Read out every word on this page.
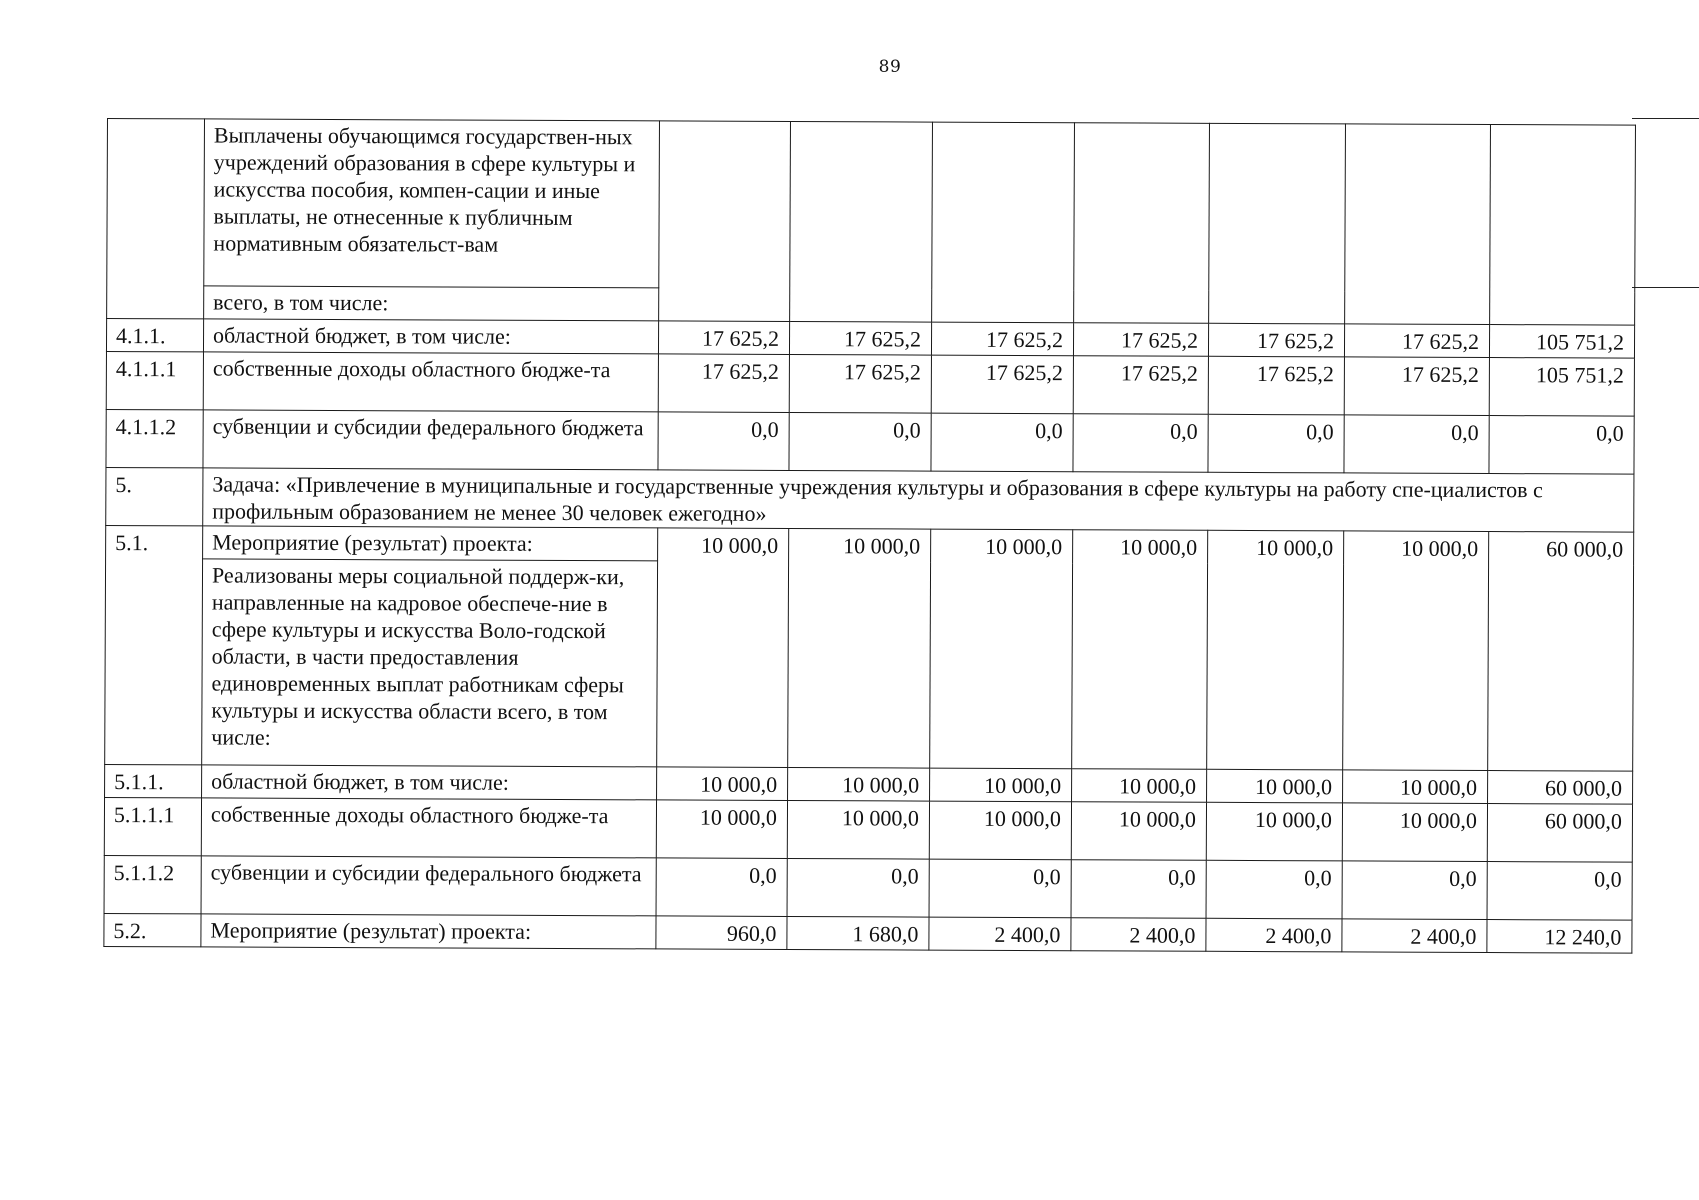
89
	Выплачены обучающимся государствен-ных учреждений образования в сфере культуры и искусства пособия, компен-сации и иные выплаты, не отнесенные к публичным нормативным обязательст-вам							
	всего, в том числе:							
4.1.1.	областной бюджет, в том числе:	17 625,2	17 625,2	17 625,2	17 625,2	17 625,2	17 625,2	105 751,2
4.1.1.1	собственные доходы областного бюдже-та	17 625,2	17 625,2	17 625,2	17 625,2	17 625,2	17 625,2	105 751,2
4.1.1.2	субвенции и субсидии федерального бюджета	0,0	0,0	0,0	0,0	0,0	0,0	0,0
5.	Задача: «Привлечение в муниципальные и государственные учреждения культуры и образования в сфере культуры на работу спе-циалистов с профильным образованием не менее 30 человек ежегодно»							
5.1.	Мероприятие (результат) проекта:	10 000,0	10 000,0	10 000,0	10 000,0	10 000,0	10 000,0	60 000,0
	Реализованы меры социальной поддерж-ки, направленные на кадровое обеспече-ние в сфере культуры и искусства Воло-годской области, в части предоставления единовременных выплат работникам сферы культуры и искусства области всего, в том числе:							
5.1.1.	областной бюджет, в том числе:	10 000,0	10 000,0	10 000,0	10 000,0	10 000,0	10 000,0	60 000,0
5.1.1.1	собственные доходы областного бюдже-та	10 000,0	10 000,0	10 000,0	10 000,0	10 000,0	10 000,0	60 000,0
5.1.1.2	субвенции и субсидии федерального бюджета	0,0	0,0	0,0	0,0	0,0	0,0	0,0
5.2.	Мероприятие (результат) проекта:	960,0	1 680,0	2 400,0	2 400,0	2 400,0	2 400,0	12 240,0
